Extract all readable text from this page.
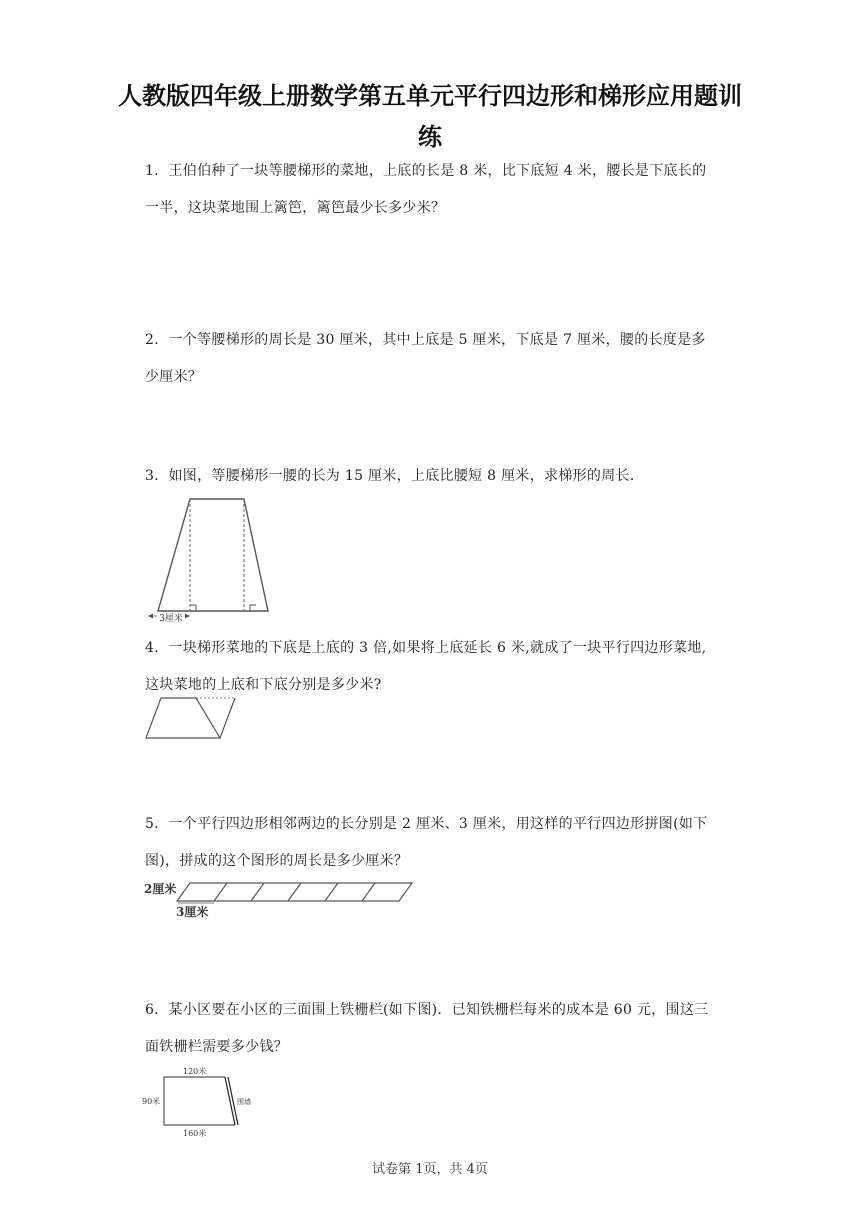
人教版四年级上册数学第五单元平行四边形和梯形应用题训
练
1．王伯伯种了一块等腰梯形的菜地，上底的长是 8 米，比下底短 4 米，腰长是下底长的一半，这块菜地围上篱笆，篱笆最少长多少米？
2．一个等腰梯形的周长是 30 厘米，其中上底是 5 厘米，下底是 7 厘米，腰的长度是多少厘米？
3．如图，等腰梯形一腰的长为 15 厘米，上底比腰短 8 厘米，求梯形的周长．
3厘米
4．一块梯形菜地的下底是上底的 3 倍,如果将上底延长 6 米,就成了一块平行四边形菜地,这块菜地的上底和下底分别是多少米?
5．一个平行四边形相邻两边的长分别是 2 厘米、3 厘米，用这样的平行四边形拼图(如下图)，拼成的这个图形的周长是多少厘米？
2厘米
3厘米
6．某小区要在小区的三面围上铁栅栏(如下图)．已知铁栅栏每米的成本是 60 元，围这三面铁栅栏需要多少钱？
120米
90米
160米
围墙
试卷第 1页，共 4页
